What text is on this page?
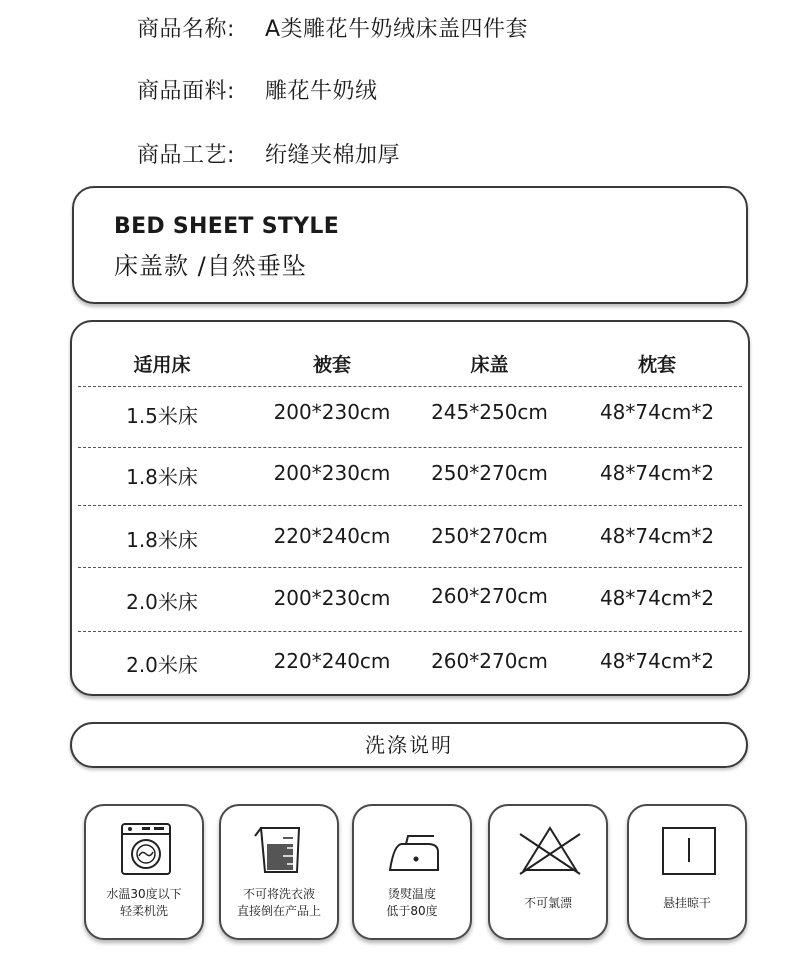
商品名称:	A类雕花牛奶绒床盖四件套
商品面料:	雕花牛奶绒
商品工艺:	绗缝夹棉加厚
BED SHEET STYLE
床盖款 /自然垂坠
适用床	被套	床盖	枕套
1.5米床	200*230cm	245*250cm	48*74cm*2
1.8米床	200*230cm	250*270cm	48*74cm*2
1.8米床	220*240cm	250*270cm	48*74cm*2
2.0米床	200*230cm	260*270cm	48*74cm*2
2.0米床	220*240cm	260*270cm	48*74cm*2
洗涤说明
水温30度以下
轻柔机洗
不可将洗衣液
直接倒在产品上
烫熨温度
低于80度
不可氯漂	悬挂晾干
